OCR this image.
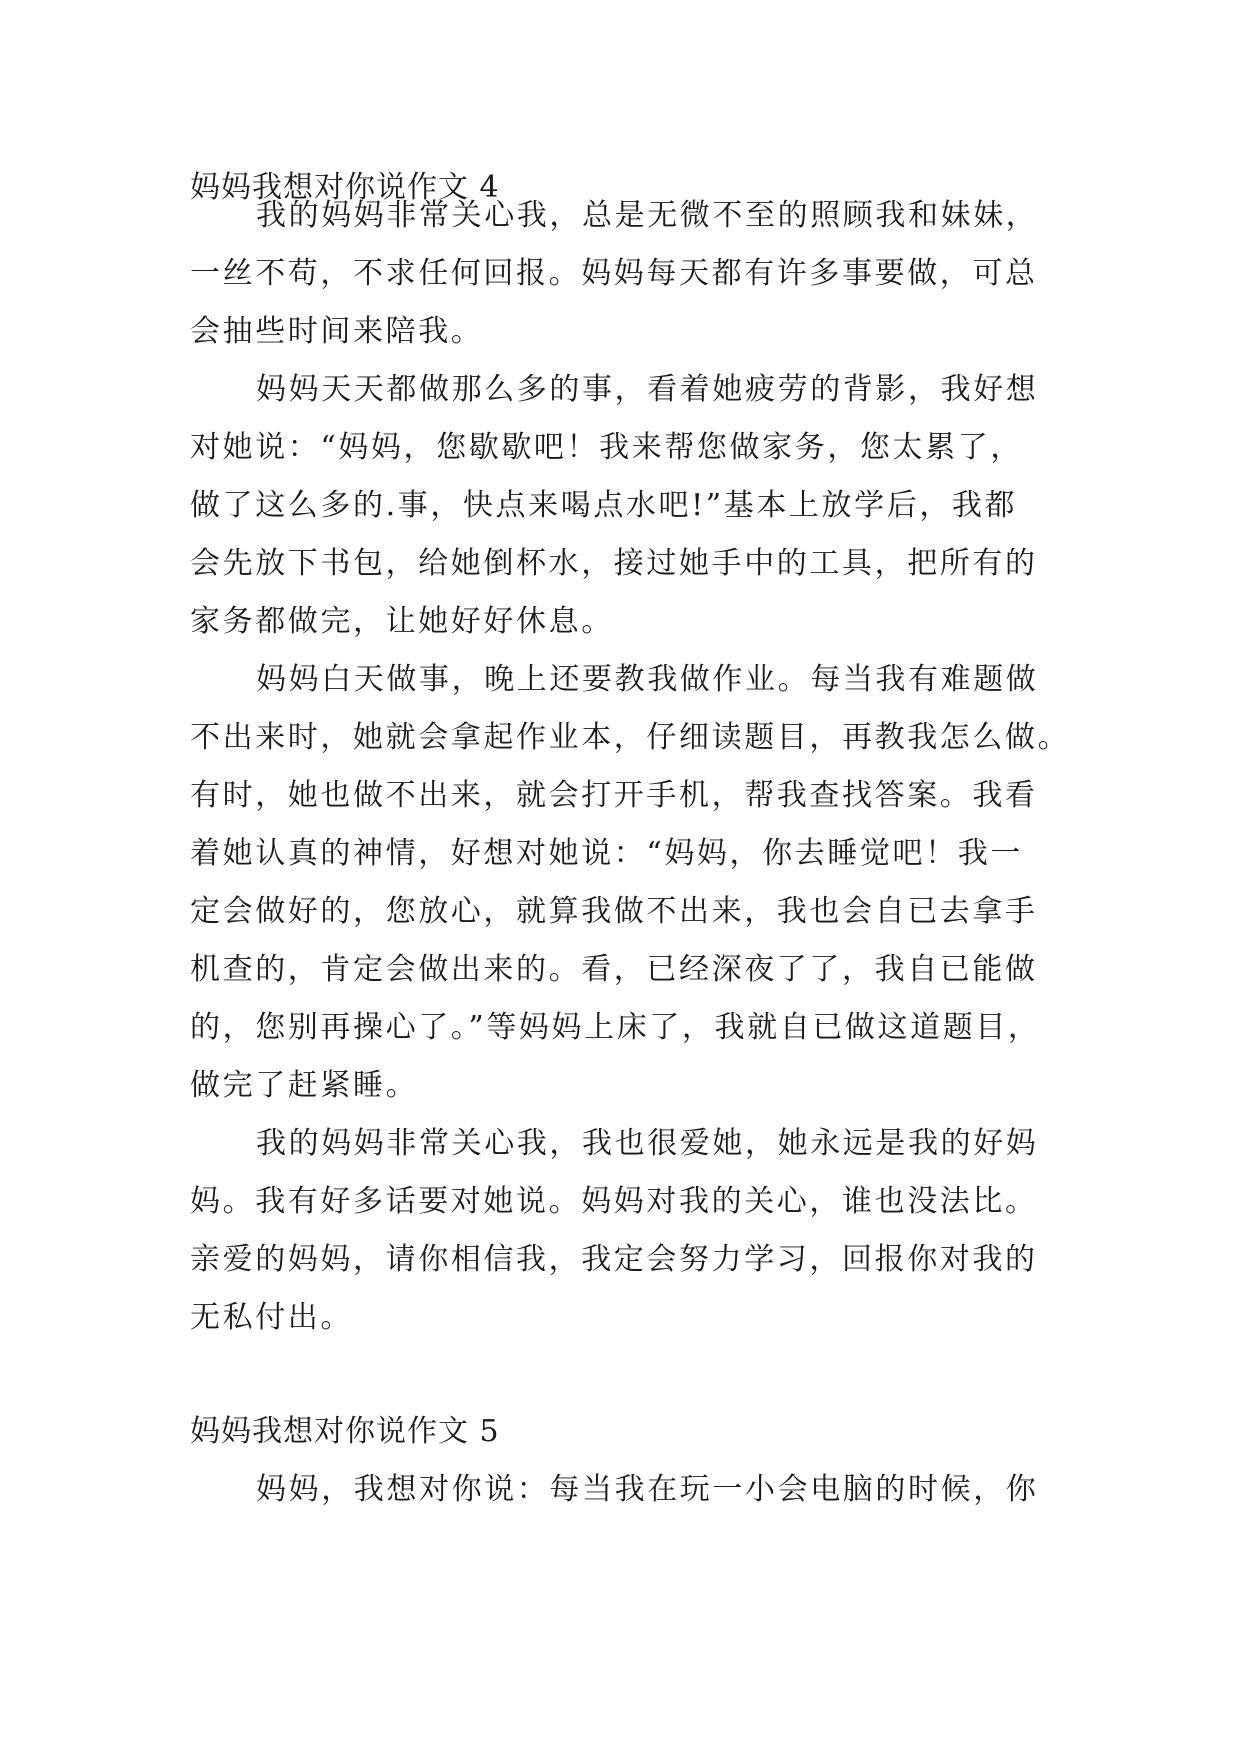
妈妈我想对你说作文 4

我的妈妈非常关心我，总是无微不至的照顾我和妹妹，

一丝不苟，不求任何回报。妈妈每天都有许多事要做，可总

会抽些时间来陪我。

妈妈天天都做那么多的事，看着她疲劳的背影，我好想

对她说：“妈妈，您歇歇吧！我来帮您做家务，您太累了，

做了这么多的.事，快点来喝点水吧!”基本上放学后，我都

会先放下书包，给她倒杯水，接过她手中的工具，把所有的

家务都做完，让她好好休息。

妈妈白天做事，晚上还要教我做作业。每当我有难题做

不出来时，她就会拿起作业本，仔细读题目，再教我怎么做。

有时，她也做不出来，就会打开手机，帮我查找答案。我看

着她认真的神情，好想对她说：“妈妈，你去睡觉吧！我一

定会做好的，您放心，就算我做不出来，我也会自已去拿手

机查的，肯定会做出来的。看，已经深夜了了，我自已能做

的，您别再操心了。”等妈妈上床了，我就自已做这道题目，

做完了赶紧睡。

我的妈妈非常关心我，我也很爱她，她永远是我的好妈

妈。我有好多话要对她说。妈妈对我的关心，谁也没法比。

亲爱的妈妈，请你相信我，我定会努力学习，回报你对我的

无私付出。

妈妈我想对你说作文 5

妈妈，我想对你说：每当我在玩一小会电脑的时候，你
